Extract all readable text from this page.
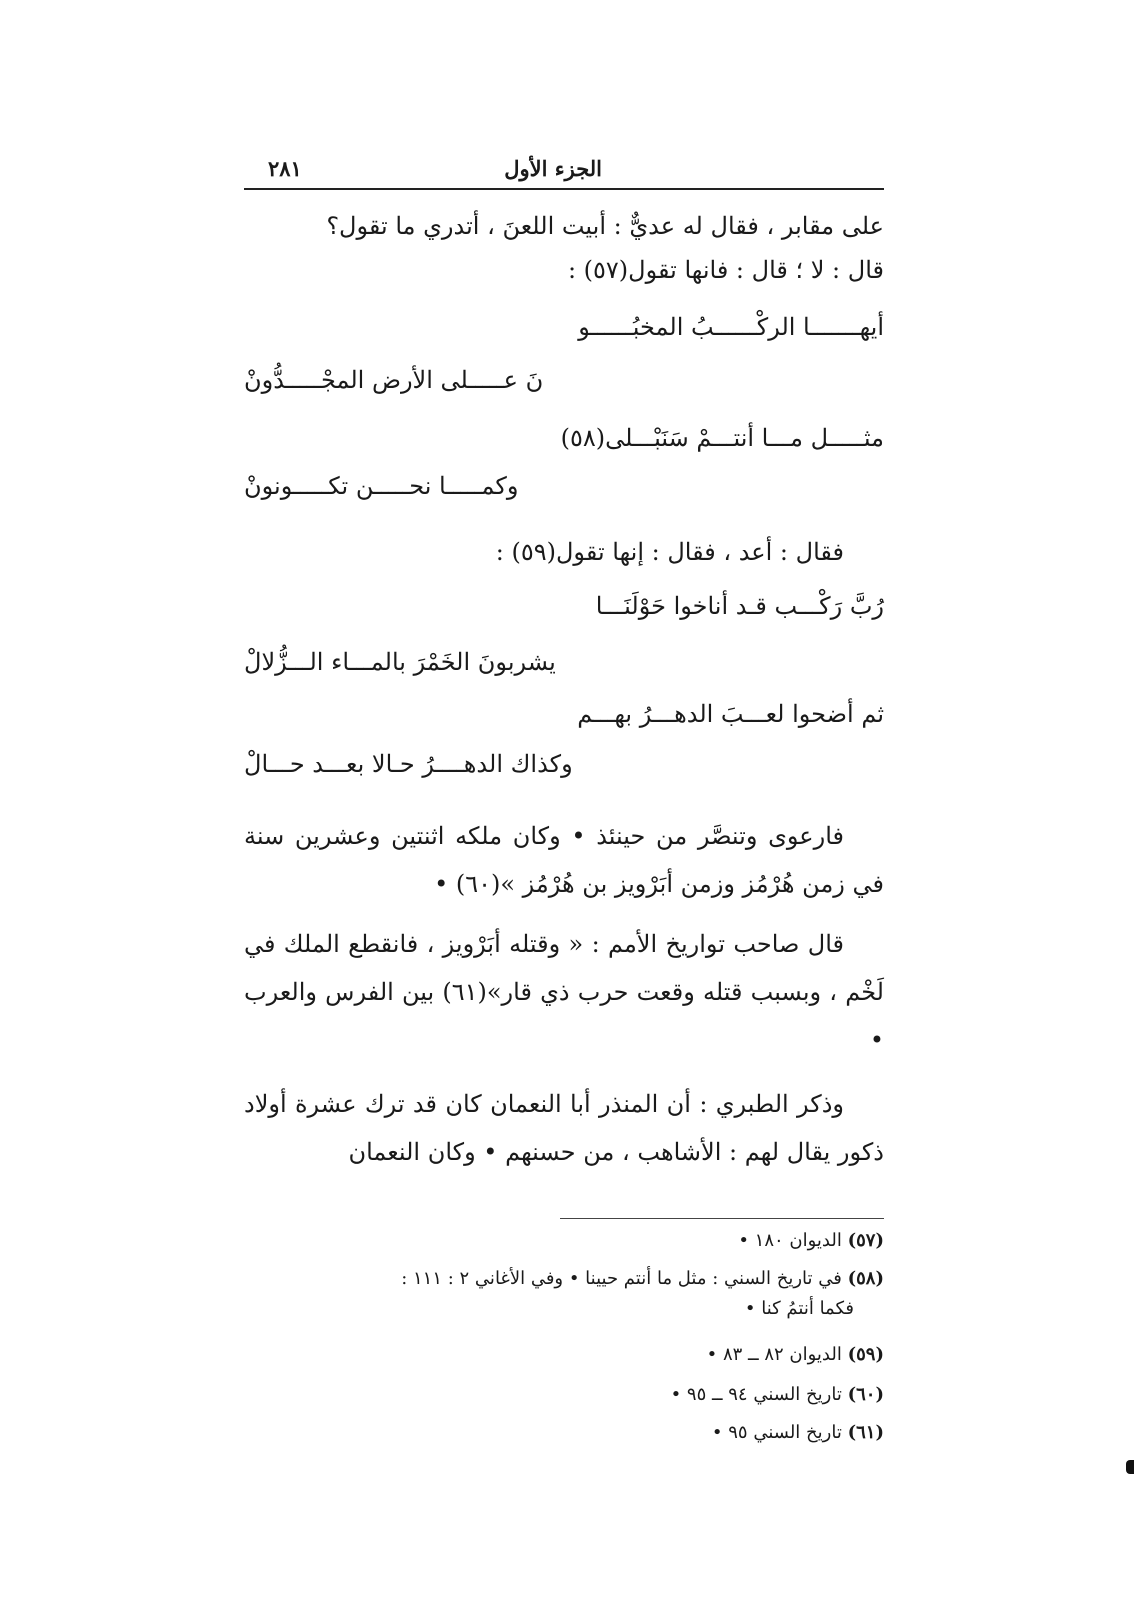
الجزء الأول
٢٨١
على مقابر ، فقال له عديٌّ : أبيت اللعنَ ، أتدري ما تقول؟
قال : لا ؛ قال : فانها تقول(٥٧) :
أيهـــــــا الركْــــــبُ المخبُــــــو
نَ عـــــلى الأرض المجْـــــدُّونْ
مثـــــل مـــا أنتـــمْ سَنَبْـــلى(٥٨)
وكمـــــا نحـــــن تكـــــونونْ
فقال : أعد ، فقال : إنها تقول(٥٩) :
رُبَّ رَكْـــب قـد أناخوا حَوْلَنَـــا
يشربونَ الخَمْرَ بالمـــاء الـــزُّلالْ
ثم أضحوا لعـــبَ الدهـــرُ بهـــم
وكذاك الدهــــرُ حـالا بعـــد حـــالْ
فارعوى وتنصَّر من حينئذ • وكان ملكه اثنتين وعشرين سنة في زمن هُرْمُز وزمن أبَرْويز بن هُرْمُز »(٦٠) •
قال صاحب تواريخ الأمم : « وقتله أبَرْويز ، فانقطع الملك في لَخْم ، وبسبب قتله وقعت حرب ذي قار»(٦١) بين الفرس والعرب •
وذكر الطبري : أن المنذر أبا النعمان كان قد ترك عشرة أولاد ذكور يقال لهم : الأشاهب ، من حسنهم • وكان النعمان
(٥٧) الديوان ١٨٠ •
(٥٨) في تاريخ السني : مثل ما أنتم حيينا • وفي الأغاني ٢ : ١١١ :
فكما أنتمُ كنا •
(٥٩) الديوان ٨٢ ــ ٨٣ •
(٦٠) تاريخ السني ٩٤ ــ ٩٥ •
(٦١) تاريخ السني ٩٥ •
